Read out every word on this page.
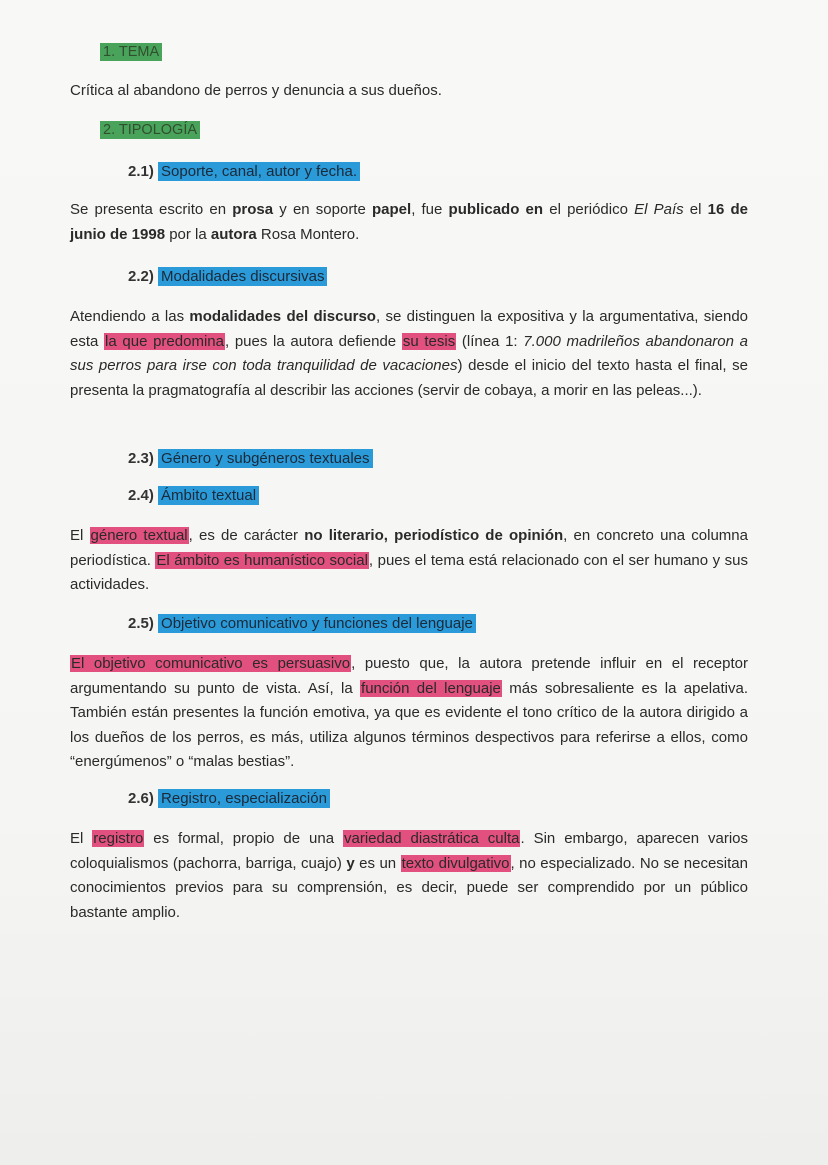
1. TEMA
Crítica al abandono de perros y denuncia a sus dueños.
2. TIPOLOGÍA
2.1) Soporte, canal, autor y fecha.
Se presenta escrito en prosa y en soporte papel, fue publicado en el periódico El País el 16 de junio de 1998 por la autora Rosa Montero.
2.2) Modalidades discursivas
Atendiendo a las modalidades del discurso, se distinguen la expositiva y la argumentativa, siendo esta la que predomina, pues la autora defiende su tesis (línea 1: 7.000 madrileños abandonaron a sus perros para irse con toda tranquilidad de vacaciones) desde el inicio del texto hasta el final, se presenta la pragmatografía al describir las acciones (servir de cobaya, a morir en las peleas...).
2.3) Género y subgéneros textuales
2.4) Ámbito textual
El género textual, es de carácter no literario, periodístico de opinión, en concreto una columna periodística. El ámbito es humanístico social, pues el tema está relacionado con el ser humano y sus actividades.
2.5) Objetivo comunicativo y funciones del lenguaje
El objetivo comunicativo es persuasivo, puesto que, la autora pretende influir en el receptor argumentando su punto de vista. Así, la función del lenguaje más sobresaliente es la apelativa. También están presentes la función emotiva, ya que es evidente el tono crítico de la autora dirigido a los dueños de los perros, es más, utiliza algunos términos despectivos para referirse a ellos, como “energúmenos” o “malas bestias”.
2.6) Registro, especialización
El registro es formal, propio de una variedad diastrática culta. Sin embargo, aparecen varios coloquialismos (pachorra, barriga, cuajo) y es un texto divulgativo, no especializado. No se necesitan conocimientos previos para su comprensión, es decir, puede ser comprendido por un público bastante amplio.
